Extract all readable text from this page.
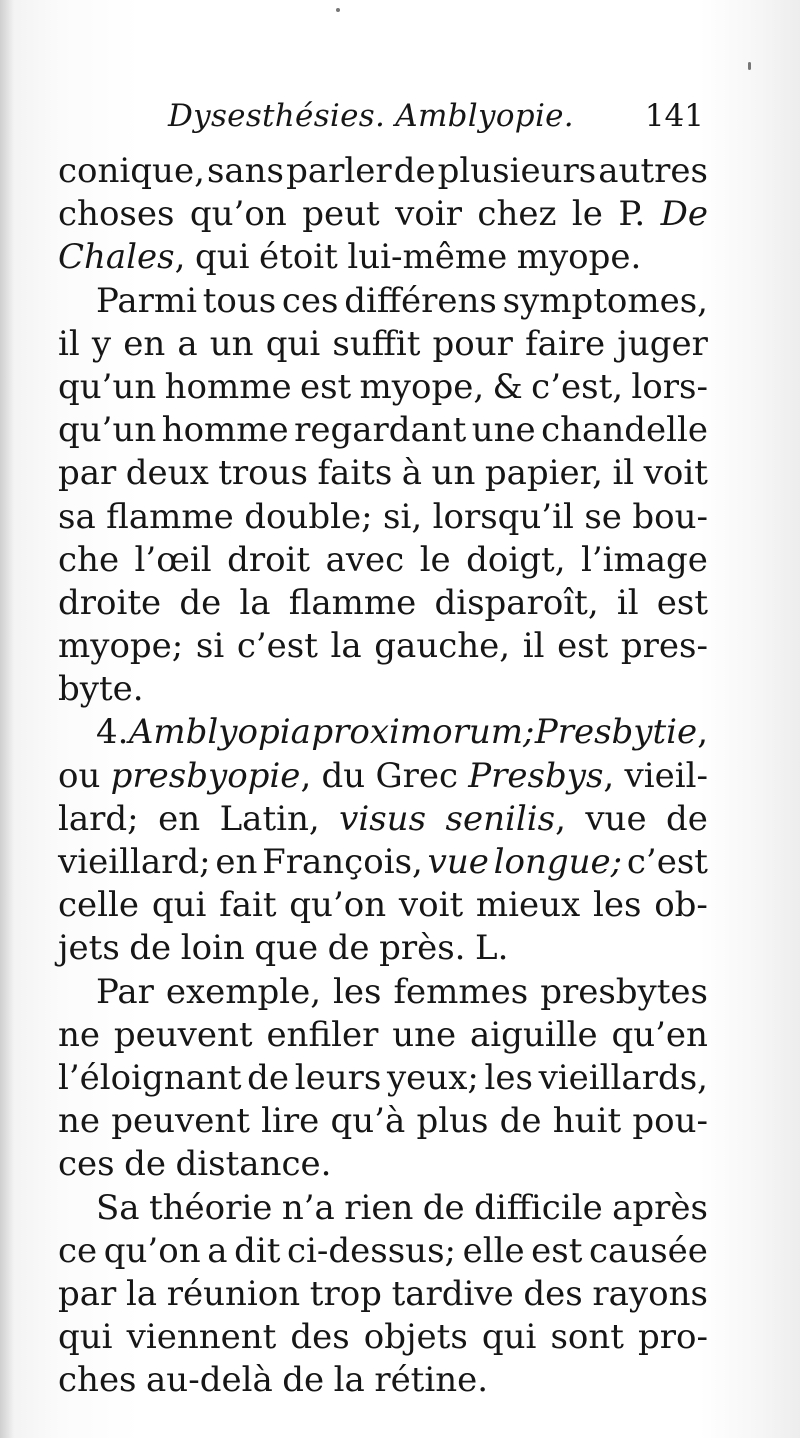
Dysesthésies. Amblyopie. 141
conique, sans parler de plusieurs autres
choses qu’on peut voir chez le P. De
Chales , qui étoit lui-même myope.
Parmi tous ces différens symptomes,
il y en a un qui suffit pour faire juger
qu’un homme est myope, & c’est, lors-
qu’un homme regardant une chandelle
par deux trous faits à un papier, il voit
sa flamme double; si, lorsqu’il se bou-
che l’œil droit avec le doigt, l’image
droite de la flamme disparoît, il est
myope; si c’est la gauche, il est pres-
byte.
4. Amblyopia proximorum; Presbytie,
ou presbyopie, du Grec Presbys, vieil-
lard; en Latin, visus senilis, vue de
vieillard; en François, vue longue; c’est
celle qui fait qu’on voit mieux les ob-
jets de loin que de près. L.
Par exemple, les femmes presbytes
ne peuvent enfiler une aiguille qu’en
l’éloignant de leurs yeux; les vieillards,
ne peuvent lire qu’à plus de huit pou-
ces de distance.
Sa théorie n’a rien de difficile après
ce qu’on a dit ci-dessus; elle est causée
par la réunion trop tardive des rayons
qui viennent des objets qui sont pro-
ches au-delà de la rétine.
